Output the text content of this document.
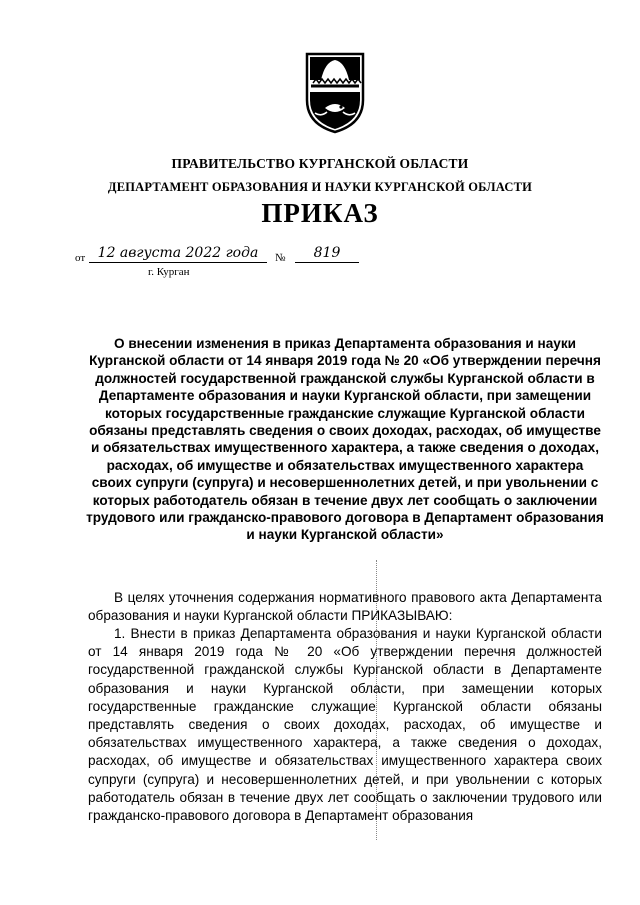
ПРАВИТЕЛЬСТВО КУРГАНСКОЙ ОБЛАСТИ
ДЕПАРТАМЕНТ ОБРАЗОВАНИЯ И НАУКИ КУРГАНСКОЙ ОБЛАСТИ
ПРИКАЗ
от 12 августа 2022 года	№	819
г. Курган

О внесении изменения в приказ Департамента образования и науки Курганской области от 14 января 2019 года № 20 «Об утверждении перечня должностей государственной гражданской службы Курганской области в Департаменте образования и науки Курганской области, при замещении которых государственные гражданские служащие Курганской области обязаны представлять сведения о своих доходах, расходах, об имуществе и обязательствах имущественного характера, а также сведения о доходах, расходах, об имуществе и обязательствах имущественного характера своих супруги (супруга) и несовершеннолетних детей, и при увольнении с которых работодатель обязан в течение двух лет сообщать о заключении трудового или гражданско-правового договора в Департамент образования и науки Курганской области»

В целях уточнения содержания нормативного правового акта Департамента образования и науки Курганской области ПРИКАЗЫВАЮ:

1. Внести в приказ Департамента образования и науки Курганской области от 14 января 2019 года № 20 «Об утверждении перечня должностей государственной гражданской службы Курганской области в Департаменте образования и науки Курганской области, при замещении которых государственные гражданские служащие Курганской области обязаны представлять сведения о своих доходах, расходах, об имуществе и обязательствах имущественного характера, а также сведения о доходах, расходах, об имуществе и обязательствах имущественного характера своих супруги (супруга) и несовершеннолетних детей, и при увольнении с которых работодатель обязан в течение двух лет сообщать о заключении трудового или гражданско-правового договора в Департамент образования
